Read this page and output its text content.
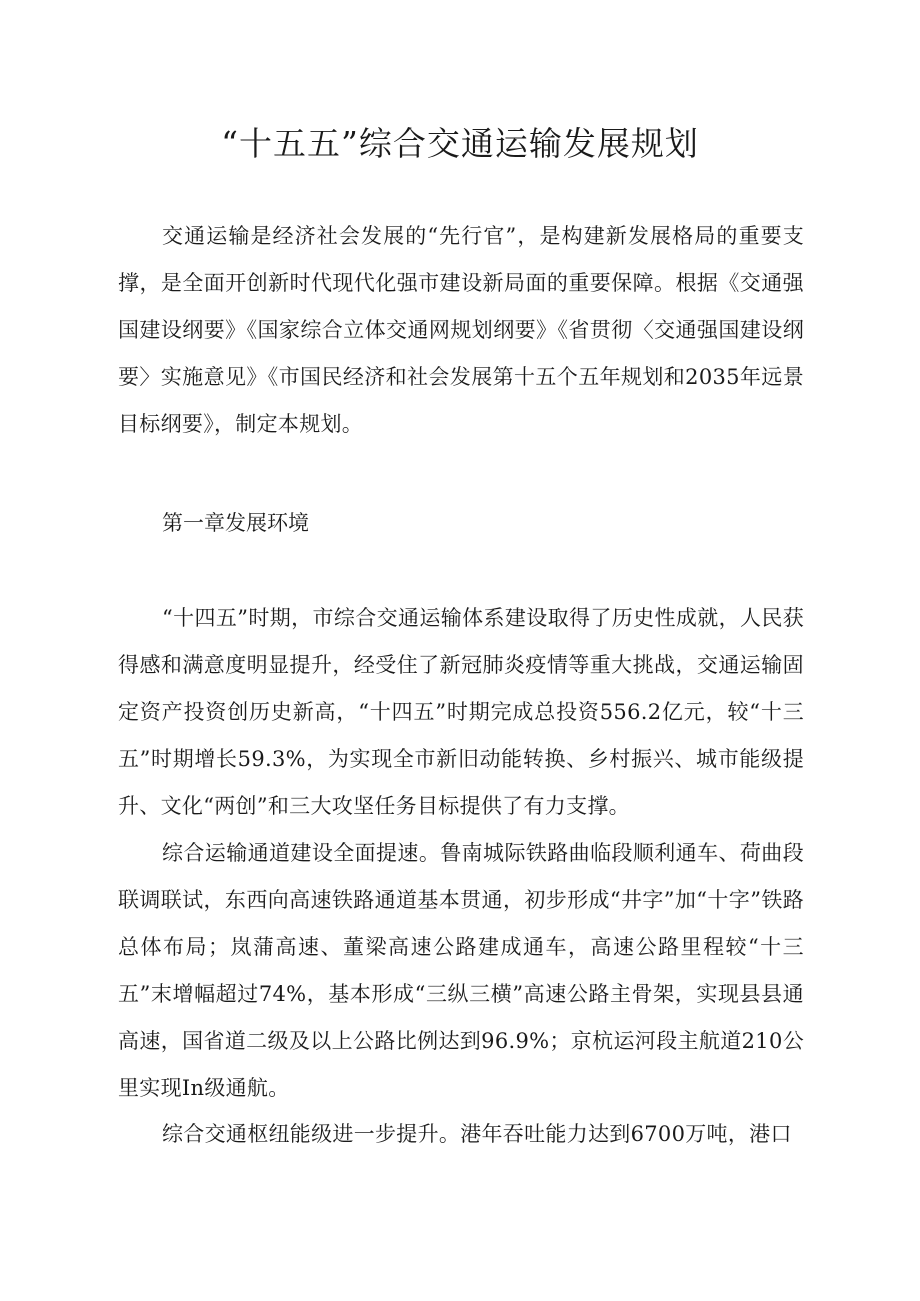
“十五五”综合交通运输发展规划

交通运输是经济社会发展的“先行官”，是构建新发展格局的重要支撑，是全面开创新时代现代化强市建设新局面的重要保障。根据《交通强国建设纲要》《国家综合立体交通网规划纲要》《省贯彻〈交通强国建设纲要〉实施意见》《市国民经济和社会发展第十五个五年规划和2035年远景目标纲要》，制定本规划。

第一章发展环境

“十四五”时期，市综合交通运输体系建设取得了历史性成就，人民获得感和满意度明显提升，经受住了新冠肺炎疫情等重大挑战，交通运输固定资产投资创历史新高，“十四五”时期完成总投资556.2亿元，较“十三五”时期增长59.3%，为实现全市新旧动能转换、乡村振兴、城市能级提升、文化“两创”和三大攻坚任务目标提供了有力支撑。

综合运输通道建设全面提速。鲁南城际铁路曲临段顺利通车、荷曲段联调联试，东西向高速铁路通道基本贯通，初步形成“井字”加“十字”铁路总体布局；岚蒲高速、董梁高速公路建成通车，高速公路里程较“十三五”末增幅超过74%，基本形成“三纵三横”高速公路主骨架，实现县县通高速，国省道二级及以上公路比例达到96.9%；京杭运河段主航道210公里实现In级通航。

综合交通枢纽能级进一步提升。港年吞吐能力达到6700万吨，港口
